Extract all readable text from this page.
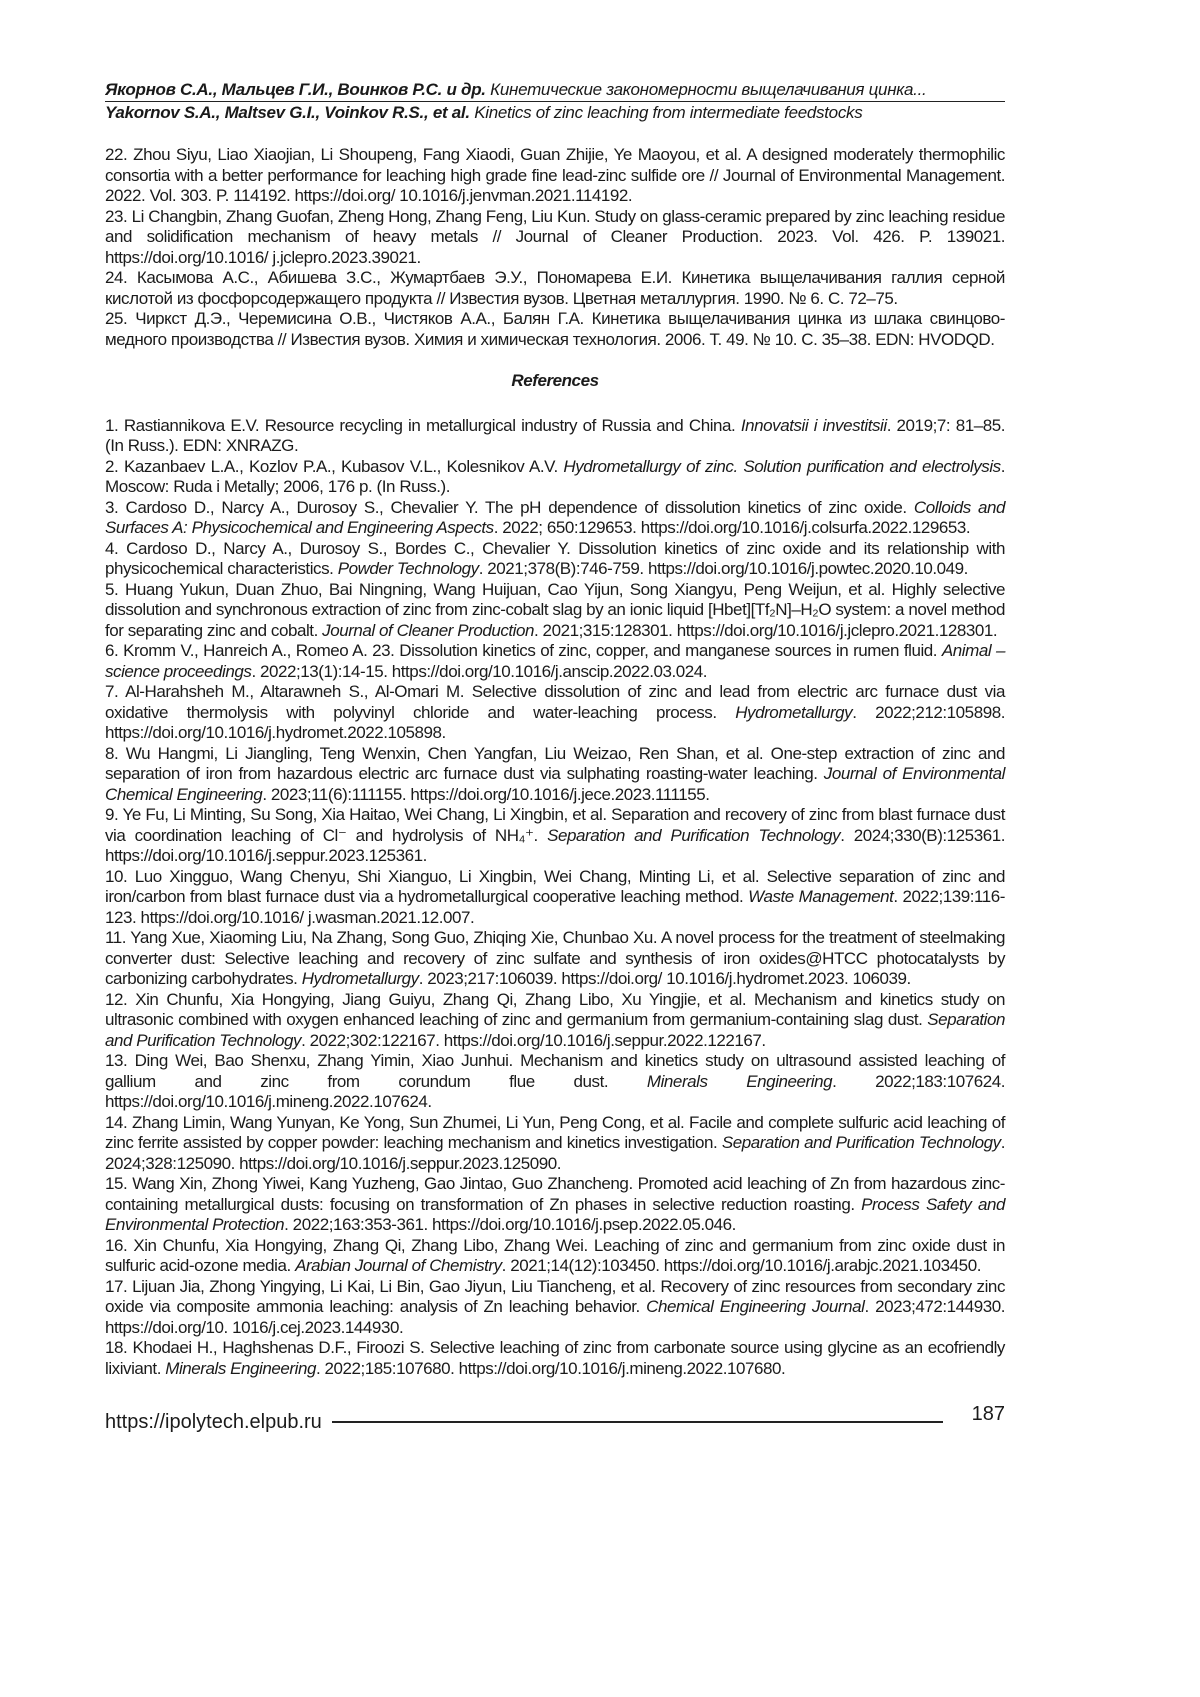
Якорнов С.А., Мальцев Г.И., Воинков Р.С. и др. Кинетические закономерности выщелачивания цинка...
Yakornov S.A., Maltsev G.I., Voinkov R.S., et al. Kinetics of zinc leaching from intermediate feedstocks

22. Zhou Siyu, Liao Xiaojian, Li Shoupeng, Fang Xiaodi, Guan Zhijie, Ye Maoyou, et al. A designed moderately thermophilic consortia with a better performance for leaching high grade fine lead-zinc sulfide ore // Journal of Environmental Management. 2022. Vol. 303. P. 114192. https://doi.org/ 10.1016/j.jenvman.2021.114192.

23. Li Changbin, Zhang Guofan, Zheng Hong, Zhang Feng, Liu Kun. Study on glass-ceramic prepared by zinc leaching residue and solidification mechanism of heavy metals // Journal of Cleaner Production. 2023. Vol. 426. P. 139021. https://doi.org/10.1016/ j.jclepro.2023.39021.

24. Касымова А.С., Абишева З.С., Жумартбаев Э.У., Пономарева Е.И. Кинетика выщелачивания галлия серной кислотой из фосфорсодержащего продукта // Известия вузов. Цветная металлургия. 1990. № 6. С. 72–75.

25. Чиркст Д.Э., Черемисина О.В., Чистяков А.А., Балян Г.А. Кинетика выщелачивания цинка из шлака свинцово-медного производства // Известия вузов. Химия и химическая технология. 2006. Т. 49. № 10. С. 35–38. EDN: HVODQD.

References

1. Rastiannikova E.V. Resource recycling in metallurgical industry of Russia and China. Innovatsii i investitsii. 2019;7: 81–85. (In Russ.). EDN: XNRAZG.

2. Kazanbaev L.A., Kozlov P.A., Kubasov V.L., Kolesnikov A.V. Hydrometallurgy of zinc. Solution purification and electrolysis. Moscow: Ruda i Metally; 2006, 176 p. (In Russ.).

3. Cardoso D., Narcy A., Durosoy S., Chevalier Y. The pH dependence of dissolution kinetics of zinc oxide. Colloids and Surfaces A: Physicochemical and Engineering Aspects. 2022; 650:129653. https://doi.org/10.1016/j.colsurfa.2022.129653.

4. Cardoso D., Narcy A., Durosoy S., Bordes C., Chevalier Y. Dissolution kinetics of zinc oxide and its relationship with physicochemical characteristics. Powder Technology. 2021;378(B):746-759. https://doi.org/10.1016/j.powtec.2020.10.049.

5. Huang Yukun, Duan Zhuo, Bai Ningning, Wang Huijuan, Cao Yijun, Song Xiangyu, Peng Weijun, et al. Highly selective dissolution and synchronous extraction of zinc from zinc-cobalt slag by an ionic liquid [Hbet][Tf₂N]–H₂O system: a novel method for separating zinc and cobalt. Journal of Cleaner Production. 2021;315:128301. https://doi.org/10.1016/j.jclepro.2021.128301.

6. Kromm V., Hanreich A., Romeo A. 23. Dissolution kinetics of zinc, copper, and manganese sources in rumen fluid. Animal – science proceedings. 2022;13(1):14-15. https://doi.org/10.1016/j.anscip.2022.03.024.

7. Al-Harahsheh M., Altarawneh S., Al-Omari M. Selective dissolution of zinc and lead from electric arc furnace dust via oxidative thermolysis with polyvinyl chloride and water-leaching process. Hydrometallurgy. 2022;212:105898. https://doi.org/10.1016/j.hydromet.2022.105898.

8. Wu Hangmi, Li Jiangling, Teng Wenxin, Chen Yangfan, Liu Weizao, Ren Shan, et al. One-step extraction of zinc and separation of iron from hazardous electric arc furnace dust via sulphating roasting-water leaching. Journal of Environmental Chemical Engineering. 2023;11(6):111155. https://doi.org/10.1016/j.jece.2023.111155.

9. Ye Fu, Li Minting, Su Song, Xia Haitao, Wei Chang, Li Xingbin, et al. Separation and recovery of zinc from blast furnace dust via coordination leaching of Cl⁻ and hydrolysis of NH₄⁺. Separation and Purification Technology. 2024;330(B):125361. https://doi.org/10.1016/j.seppur.2023.125361.

10. Luo Xingguo, Wang Chenyu, Shi Xianguo, Li Xingbin, Wei Chang, Minting Li, et al. Selective separation of zinc and iron/carbon from blast furnace dust via a hydrometallurgical cooperative leaching method. Waste Management. 2022;139:116-123. https://doi.org/10.1016/ j.wasman.2021.12.007.

11. Yang Xue, Xiaoming Liu, Na Zhang, Song Guo, Zhiqing Xie, Chunbao Xu. A novel process for the treatment of steelmaking converter dust: Selective leaching and recovery of zinc sulfate and synthesis of iron oxides@HTCC photocatalysts by carbonizing carbohydrates. Hydrometallurgy. 2023;217:106039. https://doi.org/ 10.1016/j.hydromet.2023. 106039.

12. Xin Chunfu, Xia Hongying, Jiang Guiyu, Zhang Qi, Zhang Libo, Xu Yingjie, et al. Mechanism and kinetics study on ultrasonic combined with oxygen enhanced leaching of zinc and germanium from germanium-containing slag dust. Separation and Purification Technology. 2022;302:122167. https://doi.org/10.1016/j.seppur.2022.122167.

13. Ding Wei, Bao Shenxu, Zhang Yimin, Xiao Junhui. Mechanism and kinetics study on ultrasound assisted leaching of gallium and zinc from corundum flue dust. Minerals Engineering. 2022;183:107624. https://doi.org/10.1016/j.mineng.2022.107624.

14. Zhang Limin, Wang Yunyan, Ke Yong, Sun Zhumei, Li Yun, Peng Cong, et al. Facile and complete sulfuric acid leaching of zinc ferrite assisted by copper powder: leaching mechanism and kinetics investigation. Separation and Purification Technology. 2024;328:125090. https://doi.org/10.1016/j.seppur.2023.125090.

15. Wang Xin, Zhong Yiwei, Kang Yuzheng, Gao Jintao, Guo Zhancheng. Promoted acid leaching of Zn from hazardous zinc-containing metallurgical dusts: focusing on transformation of Zn phases in selective reduction roasting. Process Safety and Environmental Protection. 2022;163:353-361. https://doi.org/10.1016/j.psep.2022.05.046.

16. Xin Chunfu, Xia Hongying, Zhang Qi, Zhang Libo, Zhang Wei. Leaching of zinc and germanium from zinc oxide dust in sulfuric acid-ozone media. Arabian Journal of Chemistry. 2021;14(12):103450. https://doi.org/10.1016/j.arabjc.2021.103450.

17. Lijuan Jia, Zhong Yingying, Li Kai, Li Bin, Gao Jiyun, Liu Tiancheng, et al. Recovery of zinc resources from secondary zinc oxide via composite ammonia leaching: analysis of Zn leaching behavior. Chemical Engineering Journal. 2023;472:144930. https://doi.org/10. 1016/j.cej.2023.144930.

18. Khodaei H., Haghshenas D.F., Firoozi S. Selective leaching of zinc from carbonate source using glycine as an ecofriendly lixiviant. Minerals Engineering. 2022;185:107680. https://doi.org/10.1016/j.mineng.2022.107680.

https://ipolytech.elpub.ru	187
